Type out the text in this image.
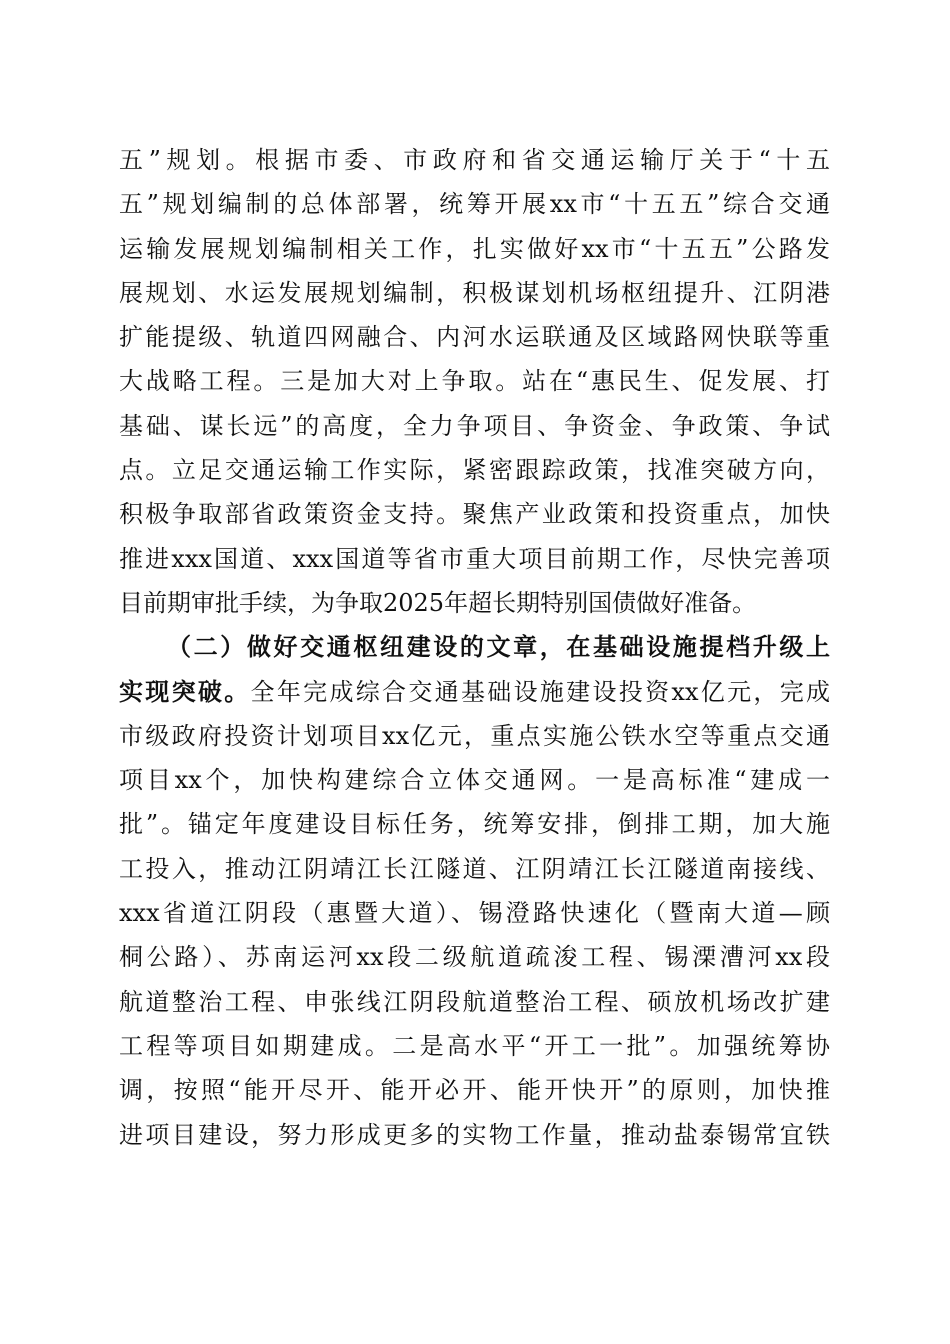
五”规划。根据市委、市政府和省交通运输厅关于“十五
五”规划编制的总体部署，统筹开展xx市“十五五”综合交通
运输发展规划编制相关工作，扎实做好xx市“十五五”公路发
展规划、水运发展规划编制，积极谋划机场枢纽提升、江阴港
扩能提级、轨道四网融合、内河水运联通及区域路网快联等重
大战略工程。三是加大对上争取。站在“惠民生、促发展、打
基础、谋长远”的高度，全力争项目、争资金、争政策、争试
点。立足交通运输工作实际，紧密跟踪政策，找准突破方向，
积极争取部省政策资金支持。聚焦产业政策和投资重点，加快
推进xxx国道、xxx国道等省市重大项目前期工作，尽快完善项
目前期审批手续，为争取2025年超长期特别国债做好准备。
（二）做好交通枢纽建设的文章，在基础设施提档升级上
实现突破。全年完成综合交通基础设施建设投资xx亿元，完成
市级政府投资计划项目xx亿元，重点实施公铁水空等重点交通
项目xx个，加快构建综合立体交通网。一是高标准“建成一
批”。锚定年度建设目标任务，统筹安排，倒排工期，加大施
工投入，推动江阴靖江长江隧道、江阴靖江长江隧道南接线、
xxx省道江阴段（惠暨大道）、锡澄路快速化（暨南大道—顾
桐公路）、苏南运河xx段二级航道疏浚工程、锡溧漕河xx段
航道整治工程、申张线江阴段航道整治工程、硕放机场改扩建
工程等项目如期建成。二是高水平“开工一批”。加强统筹协
调，按照“能开尽开、能开必开、能开快开”的原则，加快推
进项目建设，努力形成更多的实物工作量，推动盐泰锡常宜铁
